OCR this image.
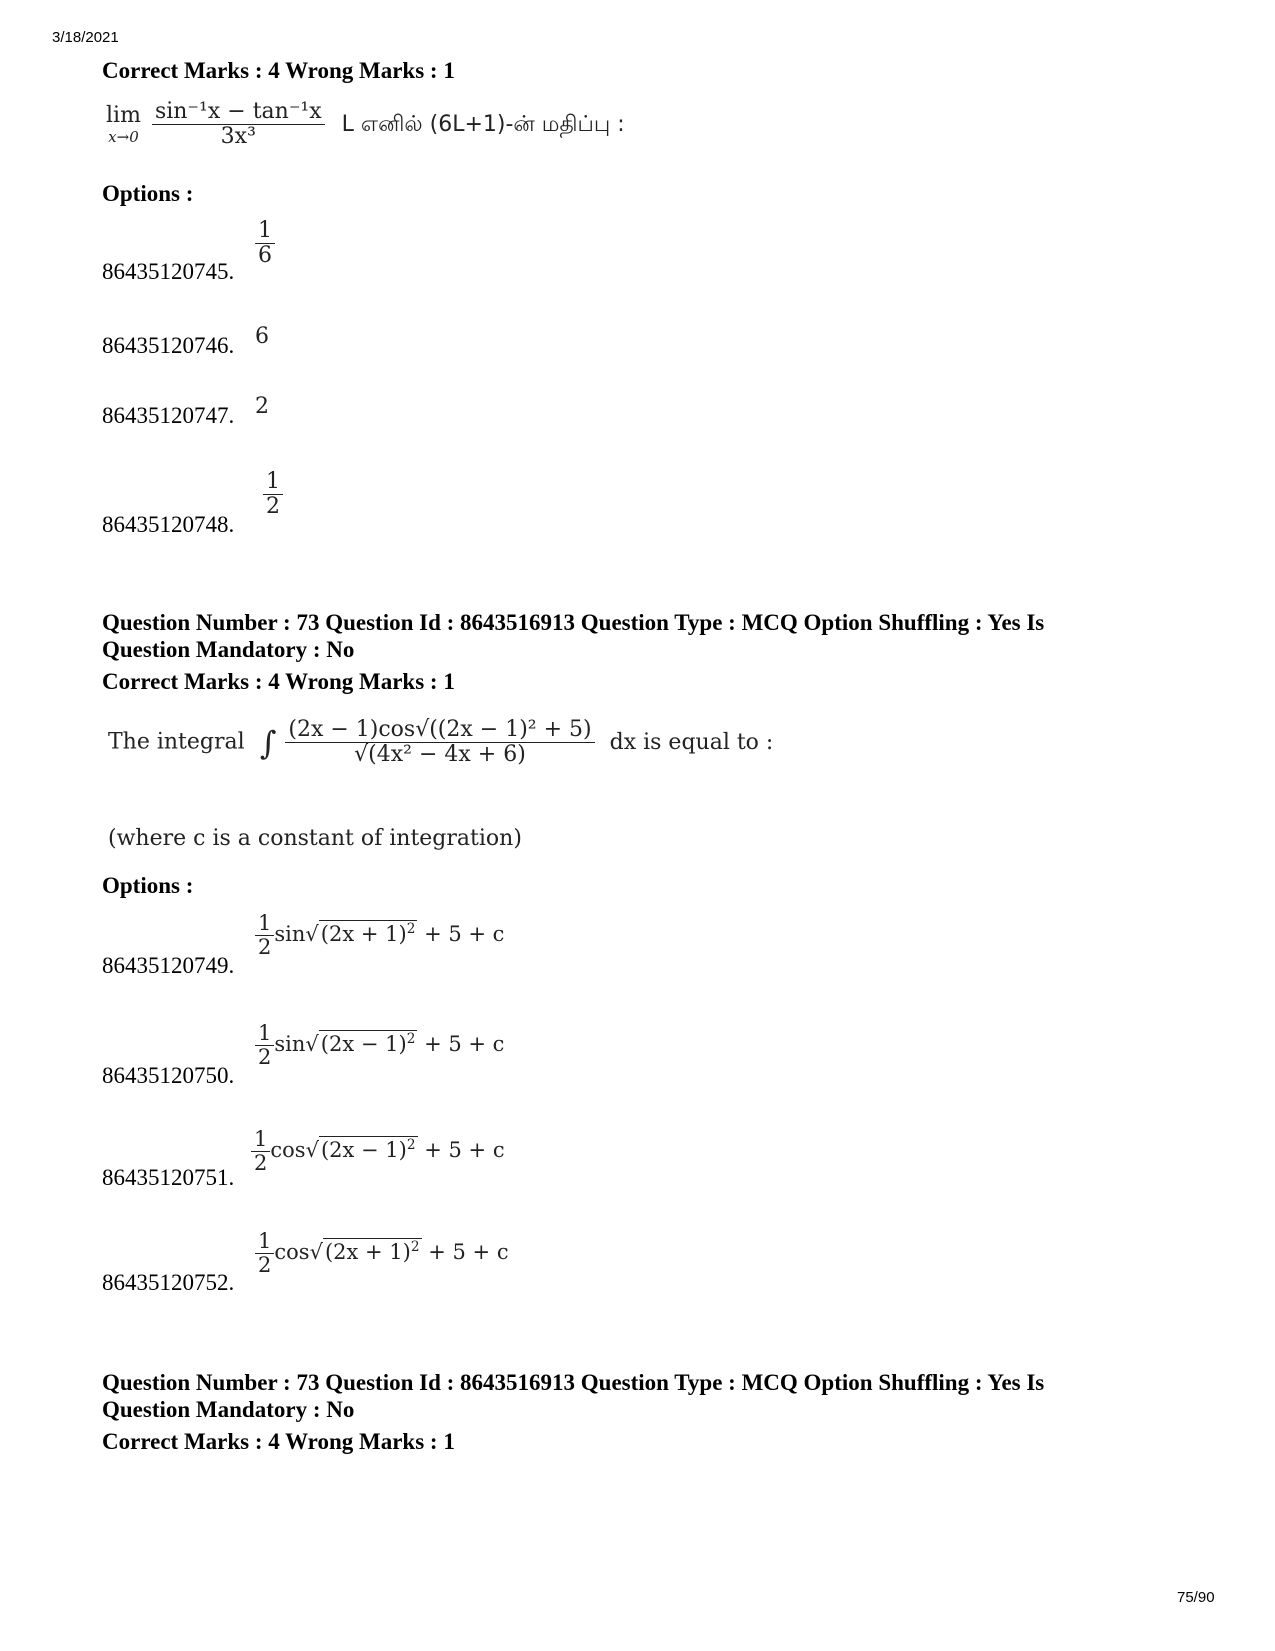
3/18/2021
Correct Marks : 4 Wrong Marks : 1
lim
x→0
$\frac{\text{sin⁻¹x − tan⁻¹x}}{\text{3x³}}$ L எனில் (6L+1)-ன் மதிப்பு :
Options :
86435120745.
$\frac{1}{6}$
86435120746. 6
86435120747. 2
86435120748.
$\frac{1}{2}$
Question Number : 73 Question Id : 8643516913 Question Type : MCQ Option Shuffling : Yes Is
Question Mandatory : No
Correct Marks : 4 Wrong Marks : 1
The integral ∫ $\frac{\text{(2x − 1)cos√((2x − 1)² + 5)}}{\text{√(4x² − 4x + 6)}}$ dx is equal to :
(where c is a constant of integration)
Options :
86435120749.
$\frac{1}{2} \sin√(2x + 1)^2 + 5 + c$
86435120750.
$\frac{1}{2} \sin√(2x - 1)^2 + 5 + c$
86435120751.
$\frac{1}{2} \cos√(2x - 1)^2 + 5 + c$
86435120752.
$\frac{1}{2} \cos√(2x + 1)^2 + 5 + c$
Question Number : 73 Question Id : 8643516913 Question Type : MCQ Option Shuffling : Yes Is
Question Mandatory : No
Correct Marks : 4 Wrong Marks : 1
75/90
